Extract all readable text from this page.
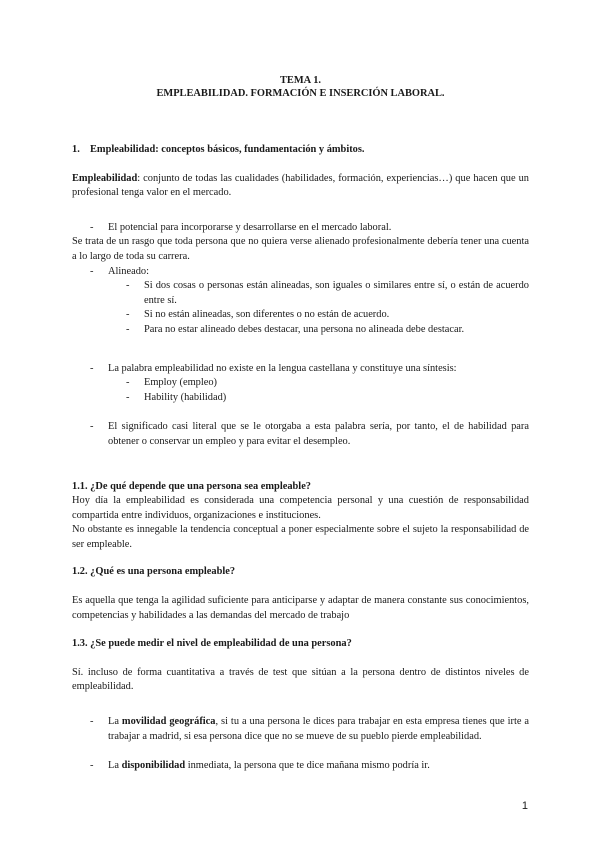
TEMA 1.
EMPLEABILIDAD. FORMACIÓN E INSERCIÓN LABORAL.

1. Empleabilidad: conceptos básicos, fundamentación y ámbitos.

Empleabilidad: conjunto de todas las cualidades (habilidades, formación, experiencias…) que hacen que un profesional tenga valor en el mercado.

- El potencial para incorporarse y desarrollarse en el mercado laboral.

Se trata de un rasgo que toda persona que no quiera verse alienado profesionalmente debería tener una cuenta a lo largo de toda su carrera.

- Alineado:
- Si dos cosas o personas están alineadas, son iguales o similares entre sí, o están de acuerdo entre sí.
- Si no están alineadas, son diferentes o no están de acuerdo.
- Para no estar alineado debes destacar, una persona no alineada debe destacar.
- La palabra empleabilidad no existe en la lengua castellana y constituye una síntesis:
- Employ (empleo)
- Hability (habilidad)
- El significado casi literal que se le otorgaba a esta palabra sería, por tanto, el de habilidad para obtener o conservar un empleo y para evitar el desempleo.

1.1. ¿De qué depende que una persona sea empleable?

Hoy día la empleabilidad es considerada una competencia personal y una cuestión de responsabilidad compartida entre individuos, organizaciones e instituciones.

No obstante es innegable la tendencia conceptual a poner especialmente sobre el sujeto la responsabilidad de ser empleable.

1.2. ¿Qué es una persona empleable?

Es aquella que tenga la agilidad suficiente para anticiparse y adaptar de manera constante sus conocimientos, competencias y habilidades a las demandas del mercado de trabajo

1.3. ¿Se puede medir el nivel de empleabilidad de una persona?

Sí. incluso de forma cuantitativa a través de test que sitúan a la persona dentro de distintos niveles de empleabilidad.

- La movilidad geográfica, si tu a una persona le dices para trabajar en esta empresa tienes que irte a trabajar a madrid, si esa persona dice que no se mueve de su pueblo pierde empleabilidad.
- La disponibilidad inmediata, la persona que te dice mañana mismo podría ir.
1
